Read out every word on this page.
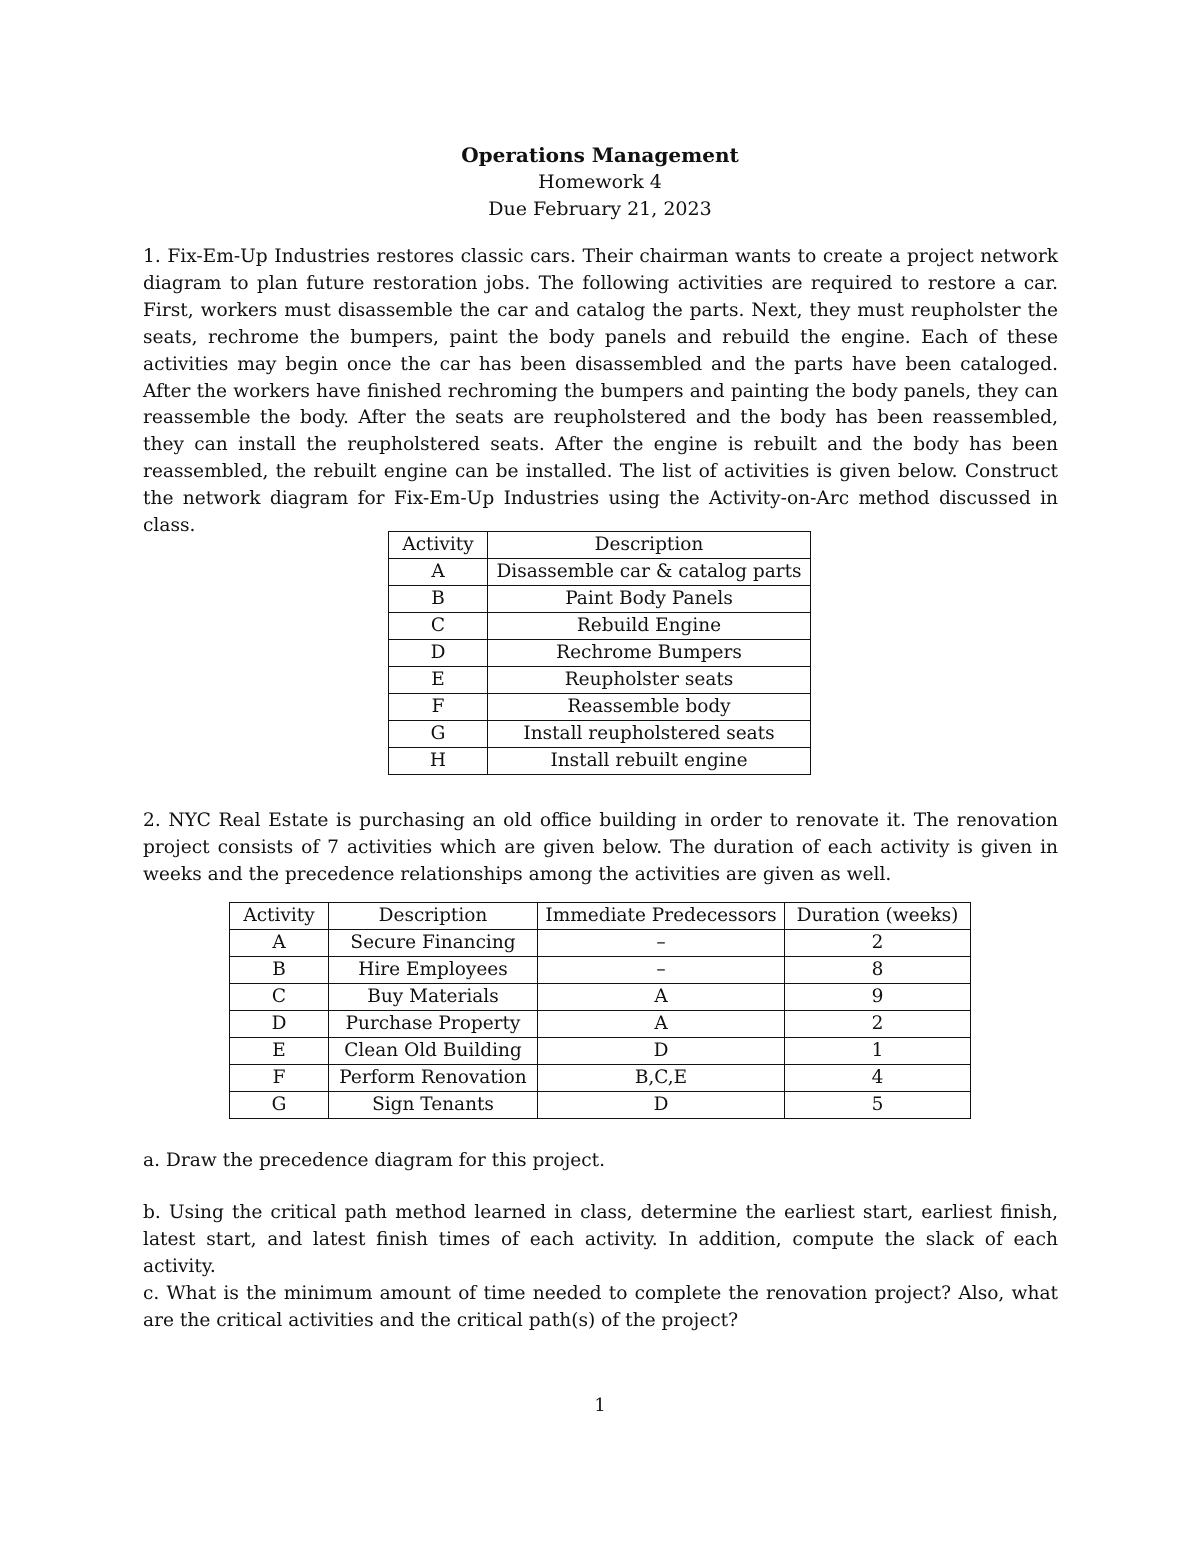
Operations Management
Homework 4
Due February 21, 2023
1. Fix-Em-Up Industries restores classic cars. Their chairman wants to create a project network diagram to plan future restoration jobs. The following activities are required to restore a car. First, workers must disassemble the car and catalog the parts. Next, they must reupholster the seats, rechrome the bumpers, paint the body panels and rebuild the engine. Each of these activities may begin once the car has been disassembled and the parts have been cataloged. After the workers have finished rechroming the bumpers and painting the body panels, they can reassemble the body. After the seats are reupholstered and the body has been reassembled, they can install the reupholstered seats. After the engine is rebuilt and the body has been reassembled, the rebuilt engine can be installed. The list of activities is given below. Construct the network diagram for Fix-Em-Up Industries using the Activity-on-Arc method discussed in class.
Activity	Description
A	Disassemble car & catalog parts
B	Paint Body Panels
C	Rebuild Engine
D	Rechrome Bumpers
E	Reupholster seats
F	Reassemble body
G	Install reupholstered seats
H	Install rebuilt engine
2. NYC Real Estate is purchasing an old office building in order to renovate it. The renovation project consists of 7 activities which are given below. The duration of each activity is given in weeks and the precedence relationships among the activities are given as well.
Activity	Description	Immediate Predecessors	Duration (weeks)
A	Secure Financing	–	2
B	Hire Employees	–	8
C	Buy Materials	A	9
D	Purchase Property	A	2
E	Clean Old Building	D	1
F	Perform Renovation	B,C,E	4
G	Sign Tenants	D	5
a. Draw the precedence diagram for this project.
b. Using the critical path method learned in class, determine the earliest start, earliest finish, latest start, and latest finish times of each activity. In addition, compute the slack of each activity.
c. What is the minimum amount of time needed to complete the renovation project? Also, what are the critical activities and the critical path(s) of the project?
1
